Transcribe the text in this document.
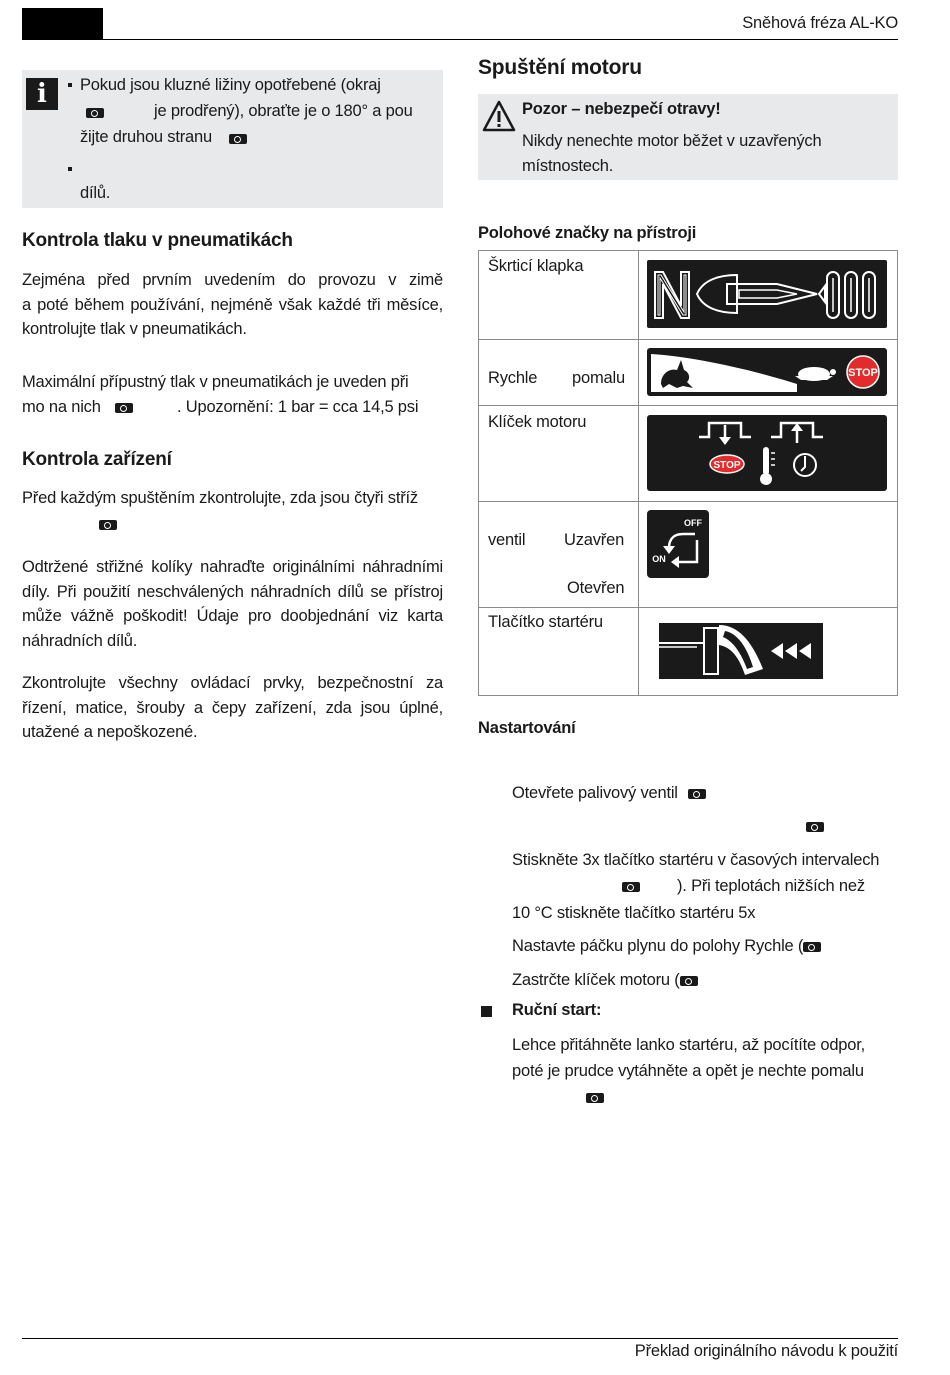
Sněhová fréza AL-KO
i	Pokud jsou kluzné ližiny opotřebené (okraj
je prodřený), obraťte je o 180° a pou
žijte druhou stranu
dílů.
Kontrola tlaku v pneumatikách
Zejména před prvním uvedením do provozu v zimě
a poté během používání, nejméně však každé tři měsíce,
kontrolujte tlak v pneumatikách.
Maximální přípustný tlak v pneumatikách je uveden při
mo na nich	. Upozornění: 1 bar = cca 14,5 psi
Kontrola zařízení
Před každým spuštěním zkontrolujte, zda jsou čtyři stříž
Odtržené střižné kolíky nahraďte originálními náhradními
díly. Při použití neschválených náhradních dílů se přístroj
může vážně poškodit! Údaje pro doobjednání viz karta
náhradních dílů.
Zkontrolujte všechny ovládací prvky, bezpečnostní za
řízení, matice, šrouby a čepy zařízení, zda jsou úplné,
utažené a nepoškozené.
Spuštění motoru
Pozor – nebezpečí otravy!
Nikdy nenechte motor běžet v uzavřených
místnostech.
Polohové značky na přístroji
Škrticí klapka
Rychle pomalu	STOP
Klíček motoru
STOP
ventil Uzavřen
Otevřen
OFF
ON
Tlačítko startéru
Nastartování
Otevřete palivový ventil
Stiskněte 3x tlačítko startéru v časových intervalech
). Při teplotách nižších než
10 °C stiskněte tlačítko startéru 5x
Nastavte páčku plynu do polohy Rychle (
Zastrčte klíček motoru (
Ruční start:
Lehce přitáhněte lanko startéru, až pocítíte odpor,
poté je prudce vytáhněte a opět je nechte pomalu
Překlad originálního návodu k použití
